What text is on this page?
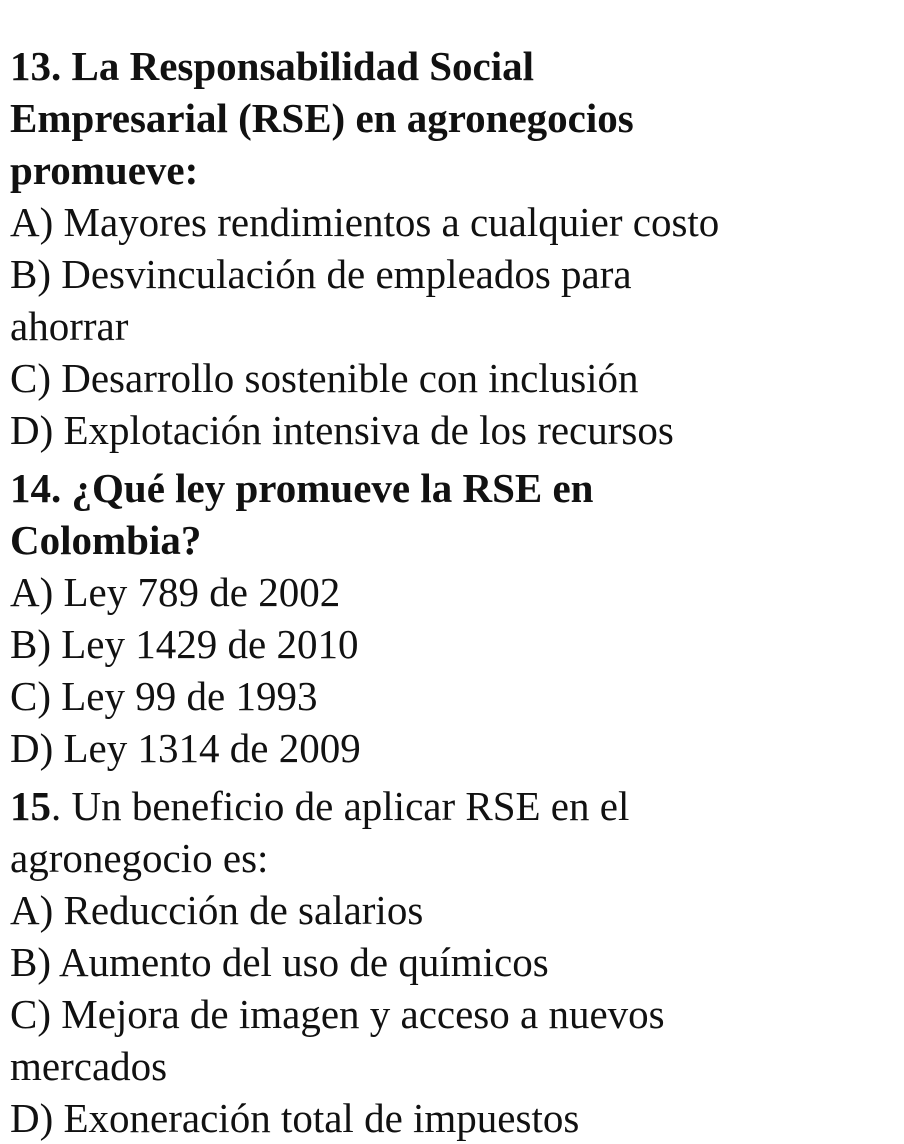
13. La Responsabilidad Social
Empresarial (RSE) en agronegocios
promueve:
A) Mayores rendimientos a cualquier costo
B) Desvinculación de empleados para
ahorrar
C) Desarrollo sostenible con inclusión
D) Explotación intensiva de los recursos
14. ¿Qué ley promueve la RSE en
Colombia?
A) Ley 789 de 2002
B) Ley 1429 de 2010
C) Ley 99 de 1993
D) Ley 1314 de 2009
15. Un beneficio de aplicar RSE en el
agronegocio es:
A) Reducción de salarios
B) Aumento del uso de químicos
C) Mejora de imagen y acceso a nuevos
mercados
D) Exoneración total de impuestos
